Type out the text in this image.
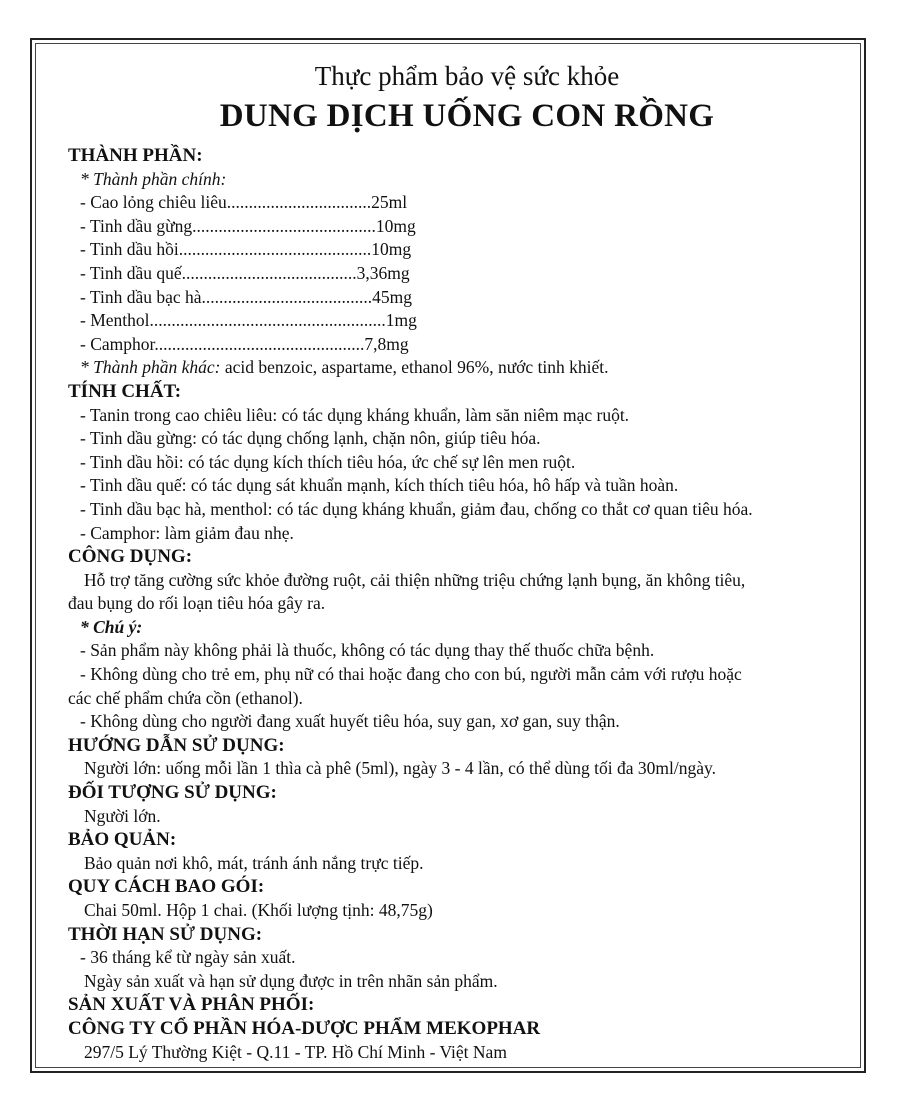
Thực phẩm bảo vệ sức khỏe
DUNG DỊCH UỐNG CON RỒNG
THÀNH PHẦN:
* Thành phần chính:
- Cao lỏng chiêu liêu.................................25ml
- Tinh dầu gừng..........................................10mg
- Tinh dầu hồi............................................10mg
- Tinh dầu quế........................................3,36mg
- Tinh dầu bạc hà.......................................45mg
- Menthol......................................................1mg
- Camphor................................................7,8mg
* Thành phần khác: acid benzoic, aspartame, ethanol 96%, nước tinh khiết.
TÍNH CHẤT:
- Tanin trong cao chiêu liêu: có tác dụng kháng khuẩn, làm săn niêm mạc ruột.
- Tinh dầu gừng: có tác dụng chống lạnh, chặn nôn, giúp tiêu hóa.
- Tinh dầu hồi: có tác dụng kích thích tiêu hóa, ức chế sự lên men ruột.
- Tinh dầu quế: có tác dụng sát khuẩn mạnh, kích thích tiêu hóa, hô hấp và tuần hoàn.
- Tinh dầu bạc hà, menthol: có tác dụng kháng khuẩn, giảm đau, chống co thắt cơ quan tiêu hóa.
- Camphor: làm giảm đau nhẹ.
CÔNG DỤNG:
Hỗ trợ tăng cường sức khỏe đường ruột, cải thiện những triệu chứng lạnh bụng, ăn không tiêu,
đau bụng do rối loạn tiêu hóa gây ra.
* Chú ý:
- Sản phẩm này không phải là thuốc, không có tác dụng thay thế thuốc chữa bệnh.
- Không dùng cho trẻ em, phụ nữ có thai hoặc đang cho con bú, người mẫn cảm với rượu hoặc
các chế phẩm chứa cồn (ethanol).
- Không dùng cho người đang xuất huyết tiêu hóa, suy gan, xơ gan, suy thận.
HƯỚNG DẪN SỬ DỤNG:
Người lớn: uống mỗi lần 1 thìa cà phê (5ml), ngày 3 - 4 lần, có thể dùng tối đa 30ml/ngày.
ĐỐI TƯỢNG SỬ DỤNG:
Người lớn.
BẢO QUẢN:
Bảo quản nơi khô, mát, tránh ánh nắng trực tiếp.
QUY CÁCH BAO GÓI:
Chai 50ml. Hộp 1 chai. (Khối lượng tịnh: 48,75g)
THỜI HẠN SỬ DỤNG:
- 36 tháng kể từ ngày sản xuất.
Ngày sản xuất và hạn sử dụng được in trên nhãn sản phẩm.
SẢN XUẤT VÀ PHÂN PHỐI:
CÔNG TY CỔ PHẦN HÓA-DƯỢC PHẨM MEKOPHAR
297/5 Lý Thường Kiệt - Q.11 - TP. Hồ Chí Minh - Việt Nam
